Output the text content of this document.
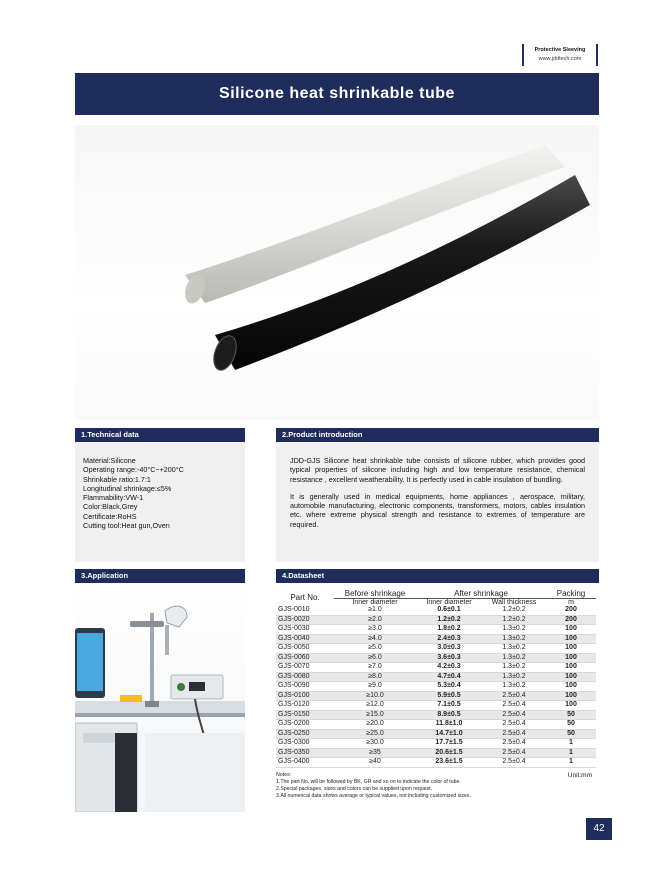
Protective Sleeving
www.jddtech.com
Silicone heat shrinkable tube
1.Technical data
Material:Silicone
Operating range:-40°C~+200°C
Shrinkable ratio:1.7:1
Longitudinal shrinkage:≤5%
Flammability:VW-1
Color:Black,Grey
Certificate:RoHS
Cutting tool:Heat gun,Oven
2.Product introduction

JDD-GJS Silicone heat shrinkable tube consists of silicone rubber, which provides good typical properties of silicone including high and low temperature resistance, chemical resistance , excellent weatherability. It is perfectly used in cable insulation of bundling.

It is generally used in medical equipments, home appliances , aerospace, military, automobile manufacturing, electronic components, transformers, motors, cables insulation etc. where extreme physical strength and resistance to extremes of temperature are required.

3.Application	4.Datasheet
Part No.	Before shrinkage	After shrinkage		Packing
	Inner diameter	Inner diameter	Wall thickness	m
GJS-0010	≥1.0	0.6±0.1	1.2±0.2	200
GJS-0020	≥2.0	1.2±0.2	1.2±0.2	200
GJS-0030	≥3.0	1.8±0.2	1.3±0.2	100
GJS-0040	≥4.0	2.4±0.3	1.3±0.2	100
GJS-0050	≥5.0	3.0±0.3	1.3±0.2	100
GJS-0060	≥6.0	3.6±0.3	1.3±0.2	100
GJS-0070	≥7.0	4.2±0.3	1.3±0.2	100
GJS-0080	≥8.0	4.7±0.4	1.3±0.2	100
GJS-0090	≥9.0	5.3±0.4	1.3±0.2	100
GJS-0100	≥10.0	5.9±0.5	2.5±0.4	100
GJS-0120	≥12.0	7.1±0.5	2.5±0.4	100
GJS-0150	≥15.0	8.9±0.5	2.5±0.4	50
GJS-0200	≥20.0	11.8±1.0	2.5±0.4	50
GJS-0250	≥25.0	14.7±1.0	2.5±0.4	50
GJS-0300	≥30.0	17.7±1.5	2.5±0.4	1
GJS-0350	≥35	20.6±1.5	2.5±0.4	1
GJS-0400	≥40	23.6±1.5	2.5±0.4	1
Notes:	Unit:mm
1.The part No. will be followed by BK, GR and so on to indicate the color of tube.
2.Special packages, sizes and colors can be supplied upon request.
3.All numerical data shows average or typical values, not including customized sizes.
42
